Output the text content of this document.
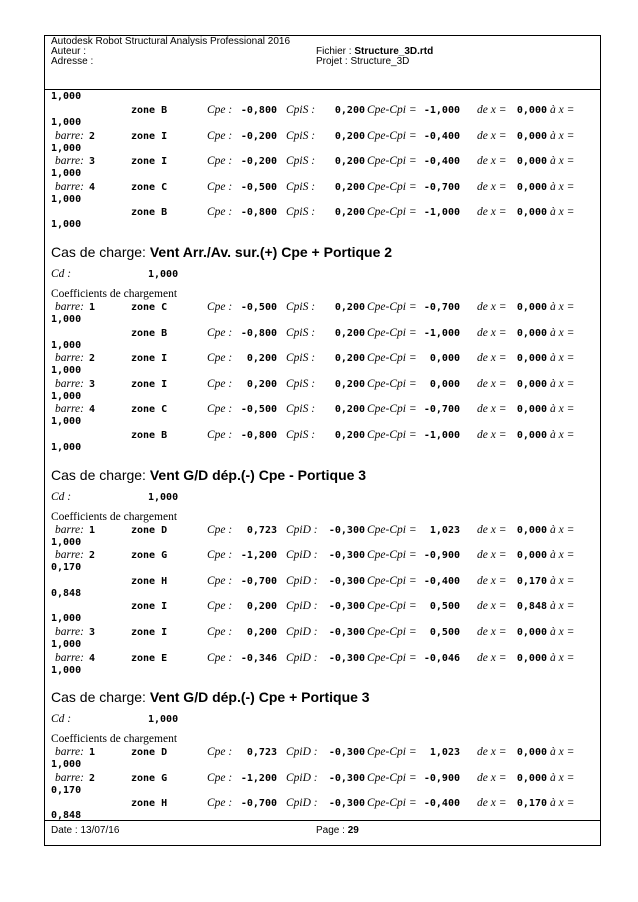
Autodesk Robot Structural Analysis Professional 2016
Auteur :
Adresse :
Fichier : Structure_3D.rtd
Projet : Structure_3D
1,000
zone B	Cpe : -0,800 CpiS : 0,200 Cpe-Cpi = -1,000 de x = 0,000 à x =
1,000
barre: 2	zone I	Cpe : -0,200 CpiS : 0,200 Cpe-Cpi = -0,400 de x = 0,000 à x =
1,000
barre: 3	zone I	Cpe : -0,200 CpiS : 0,200 Cpe-Cpi = -0,400 de x = 0,000 à x =
1,000
barre: 4	zone C	Cpe : -0,500 CpiS : 0,200 Cpe-Cpi = -0,700 de x = 0,000 à x =
1,000
zone B	Cpe : -0,800 CpiS : 0,200 Cpe-Cpi = -1,000 de x = 0,000 à x =
1,000
Cas de charge: Vent Arr./Av. sur.(+) Cpe + Portique 2
Cd :	1,000
Coefficients de chargement
barre: 1	zone C	Cpe : -0,500 CpiS : 0,200 Cpe-Cpi = -0,700 de x = 0,000 à x =
1,000
zone B	Cpe : -0,800 CpiS : 0,200 Cpe-Cpi = -1,000 de x = 0,000 à x =
1,000
barre: 2	zone I	Cpe : 0,200 CpiS : 0,200 Cpe-Cpi = 0,000 de x = 0,000 à x =
1,000
barre: 3	zone I	Cpe : 0,200 CpiS : 0,200 Cpe-Cpi = 0,000 de x = 0,000 à x =
1,000
barre: 4	zone C	Cpe : -0,500 CpiS : 0,200 Cpe-Cpi = -0,700 de x = 0,000 à x =
1,000
zone B	Cpe : -0,800 CpiS : 0,200 Cpe-Cpi = -1,000 de x = 0,000 à x =
1,000
Cas de charge: Vent G/D dép.(-) Cpe - Portique 3
Cd :	1,000
Coefficients de chargement
barre: 1	zone D	Cpe : 0,723 CpiD : -0,300 Cpe-Cpi = 1,023 de x = 0,000 à x =
1,000
barre: 2	zone G	Cpe : -1,200 CpiD : -0,300 Cpe-Cpi = -0,900 de x = 0,000 à x =
0,170
zone H	Cpe : -0,700 CpiD : -0,300 Cpe-Cpi = -0,400 de x = 0,170 à x =
0,848
zone I	Cpe : 0,200 CpiD : -0,300 Cpe-Cpi = 0,500 de x = 0,848 à x =
1,000
barre: 3	zone I	Cpe : 0,200 CpiD : -0,300 Cpe-Cpi = 0,500 de x = 0,000 à x =
1,000
barre: 4	zone E	Cpe : -0,346 CpiD : -0,300 Cpe-Cpi = -0,046 de x = 0,000 à x =
1,000
Cas de charge: Vent G/D dép.(-) Cpe + Portique 3
Cd :	1,000
Coefficients de chargement
barre: 1	zone D	Cpe : 0,723 CpiD : -0,300 Cpe-Cpi = 1,023 de x = 0,000 à x =
1,000
barre: 2	zone G	Cpe : -1,200 CpiD : -0,300 Cpe-Cpi = -0,900 de x = 0,000 à x =
0,170
zone H	Cpe : -0,700 CpiD : -0,300 Cpe-Cpi = -0,400 de x = 0,170 à x =
0,848
Date : 13/07/16	Page : 29
